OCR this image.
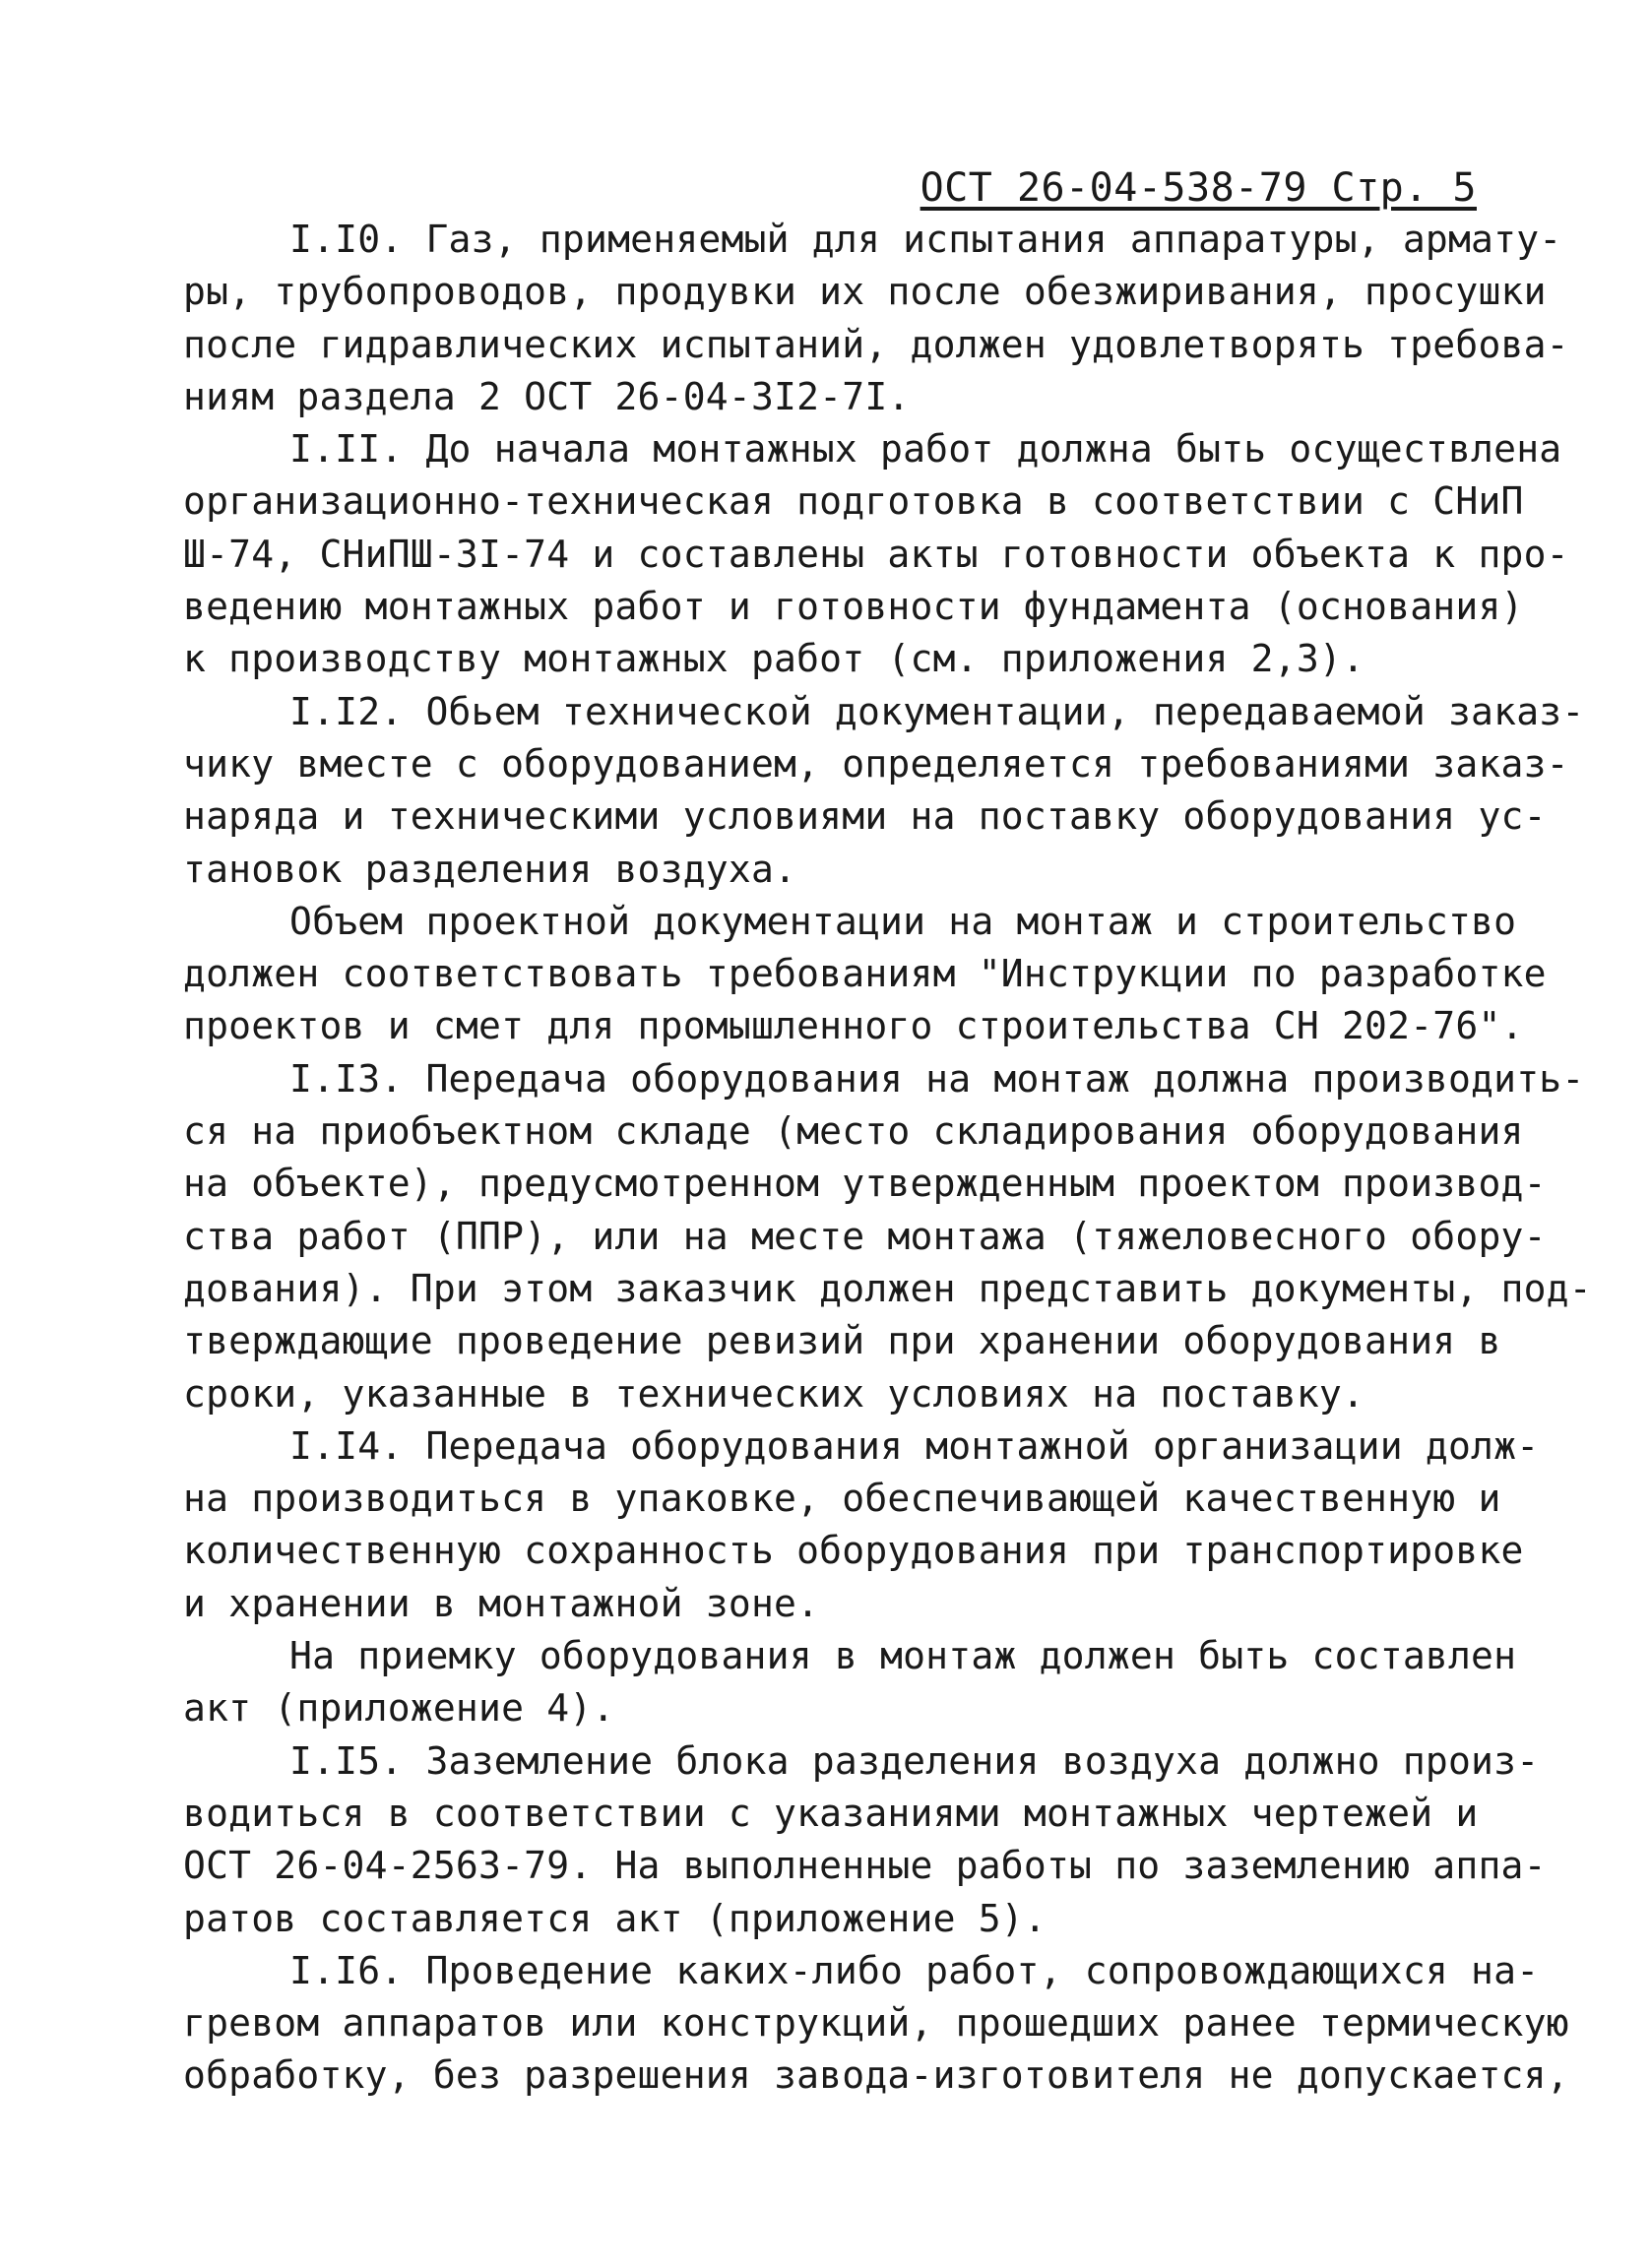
ОСТ 26-04-538-79 Стр. 5
I.I0. Газ, применяемый для испытания аппаратуры, армату-
ры, трубопроводов, продувки их после обезжиривания, просушки
после гидравлических испытаний, должен удовлетворять требова-
ниям раздела 2 ОСТ 26-04-3I2-7I.
I.II. До начала монтажных работ должна быть осуществлена
организационно-техническая подготовка в соответствии с СНиП
Ш-74, СНиПШ-3I-74 и составлены акты готовности объекта к про-
ведению монтажных работ и готовности фундамента (основания)
к производству монтажных работ (см. приложения 2,3).
I.I2. Обьем технической документации, передаваемой заказ-
чику вместе с оборудованием, определяется требованиями заказ-
наряда и техническими условиями на поставку оборудования ус-
тановок разделения воздуха.
Объем проектной документации на монтаж и строительство
должен соответствовать требованиям "Инструкции по разработке
проектов и смет для промышленного строительства СН 202-76".
I.I3. Передача оборудования на монтаж должна производить-
ся на приобъектном складе (место складирования оборудования
на объекте), предусмотренном утвержденным проектом производ-
ства работ (ППР), или на месте монтажа (тяжеловесного обору-
дования). При этом заказчик должен представить документы, под-
тверждающие проведение ревизий при хранении оборудования в
сроки, указанные в технических условиях на поставку.
I.I4. Передача оборудования монтажной организации долж-
на производиться в упаковке, обеспечивающей качественную и
количественную сохранность оборудования при транспортировке
и хранении в монтажной зоне.
На приемку оборудования в монтаж должен быть составлен
акт (приложение 4).
I.I5. Заземление блока разделения воздуха должно произ-
водиться в соответствии с указаниями монтажных чертежей и
ОСТ 26-04-2563-79. На выполненные работы по заземлению аппа-
ратов составляется акт (приложение 5).
I.I6. Проведение каких-либо работ, сопровождающихся на-
гревом аппаратов или конструкций, прошедших ранее термическую
обработку, без разрешения завода-изготовителя не допускается,
